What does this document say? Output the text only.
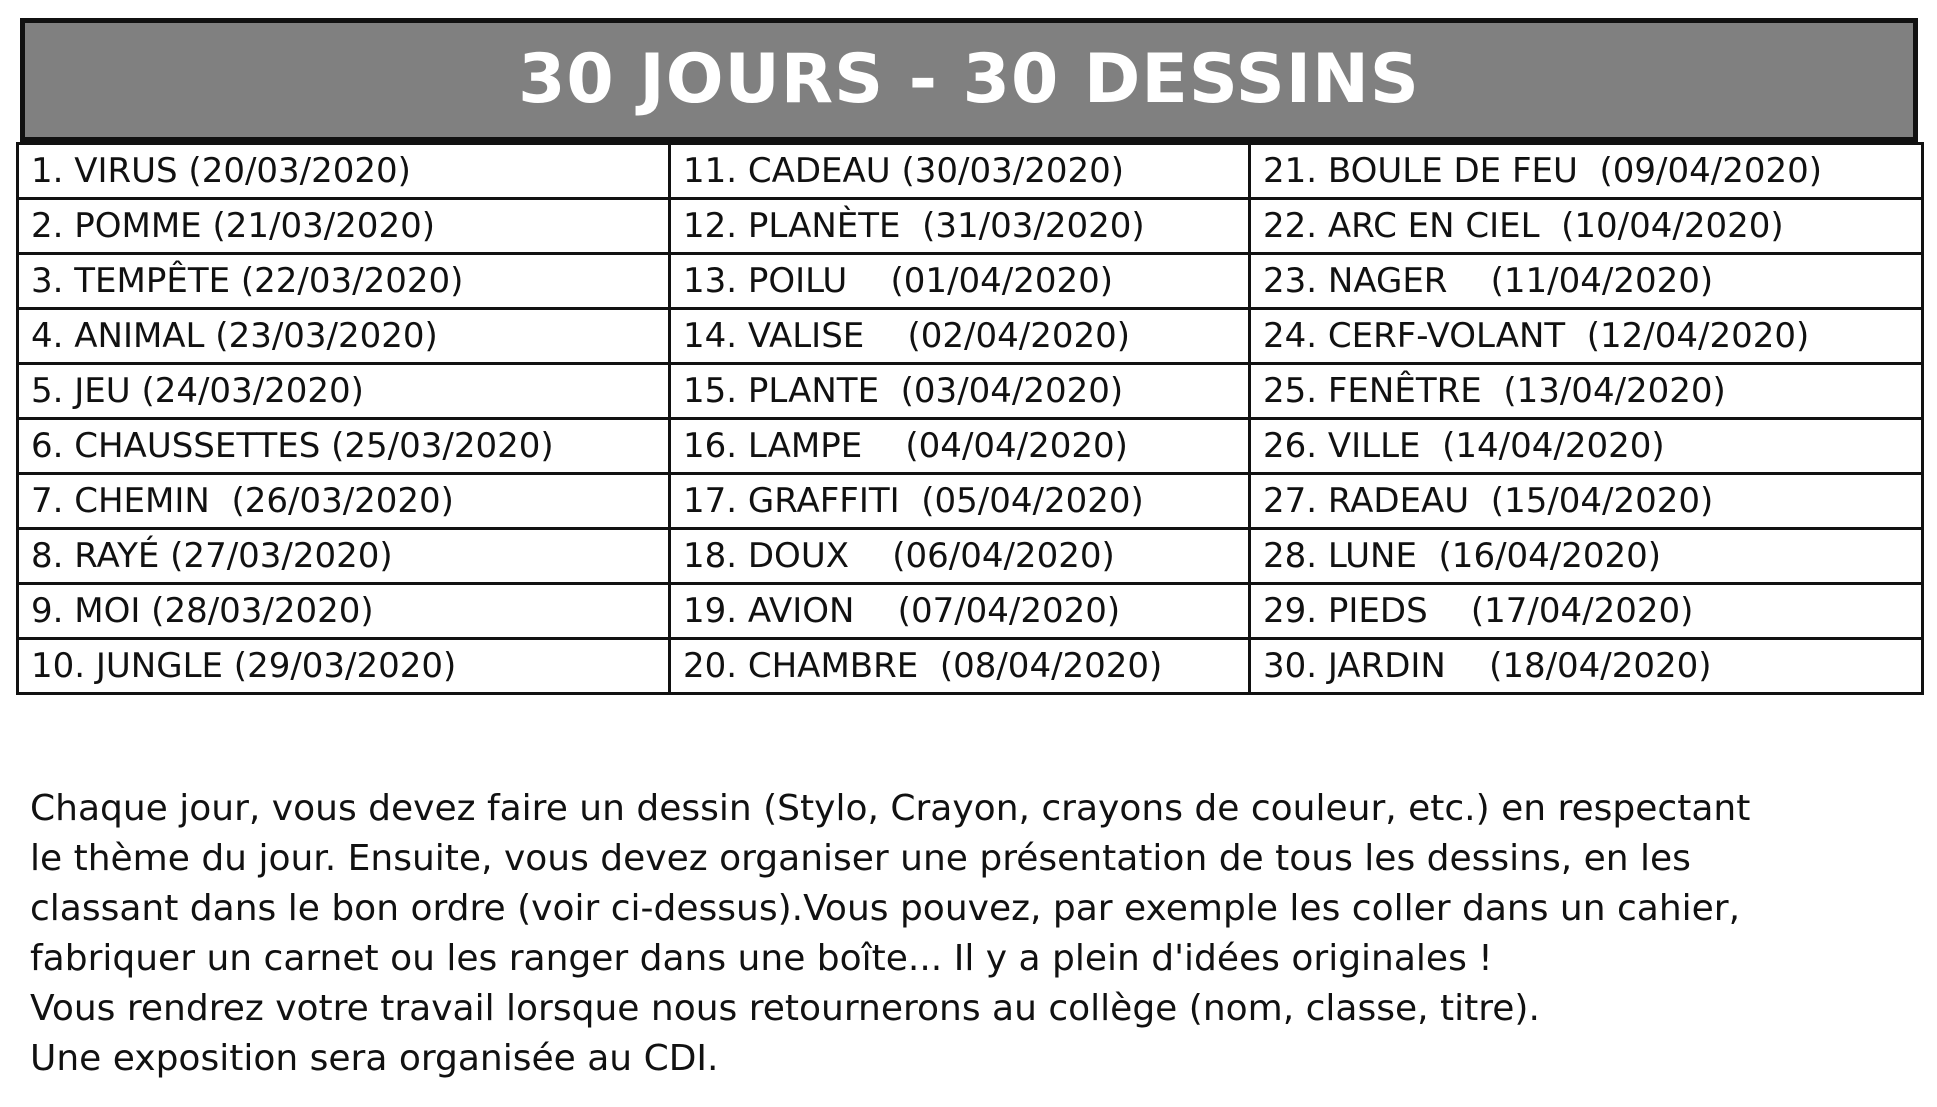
30 JOURS - 30 DESSINS
1. VIRUS (20/03/2020)	11. CADEAU (30/03/2020)	21. BOULE DE FEU  (09/04/2020)
2. POMME (21/03/2020)	12. PLANÈTE  (31/03/2020)	22. ARC EN CIEL  (10/04/2020)
3. TEMPÊTE (22/03/2020)	13. POILU    (01/04/2020)	23. NAGER    (11/04/2020)
4. ANIMAL (23/03/2020)	14. VALISE    (02/04/2020)	24. CERF-VOLANT  (12/04/2020)
5. JEU (24/03/2020)	15. PLANTE  (03/04/2020)	25. FENÊTRE  (13/04/2020)
6. CHAUSSETTES (25/03/2020)	16. LAMPE    (04/04/2020)	26. VILLE  (14/04/2020)
7. CHEMIN  (26/03/2020)	17. GRAFFITI  (05/04/2020)	27. RADEAU  (15/04/2020)
8. RAYÉ (27/03/2020)	18. DOUX    (06/04/2020)	28. LUNE  (16/04/2020)
9. MOI (28/03/2020)	19. AVION    (07/04/2020)	29. PIEDS    (17/04/2020)
10. JUNGLE (29/03/2020)	20. CHAMBRE  (08/04/2020)	30. JARDIN    (18/04/2020)
Chaque jour, vous devez faire un dessin (Stylo, Crayon, crayons de couleur, etc.) en respectant
le thème du jour. Ensuite, vous devez organiser une présentation de tous les dessins, en les
classant dans le bon ordre (voir ci-dessus).Vous pouvez, par exemple les coller dans un cahier,
fabriquer un carnet ou les ranger dans une boîte... Il y a plein d'idées originales !
Vous rendrez votre travail lorsque nous retournerons au collège (nom, classe, titre).
Une exposition sera organisée au CDI.
